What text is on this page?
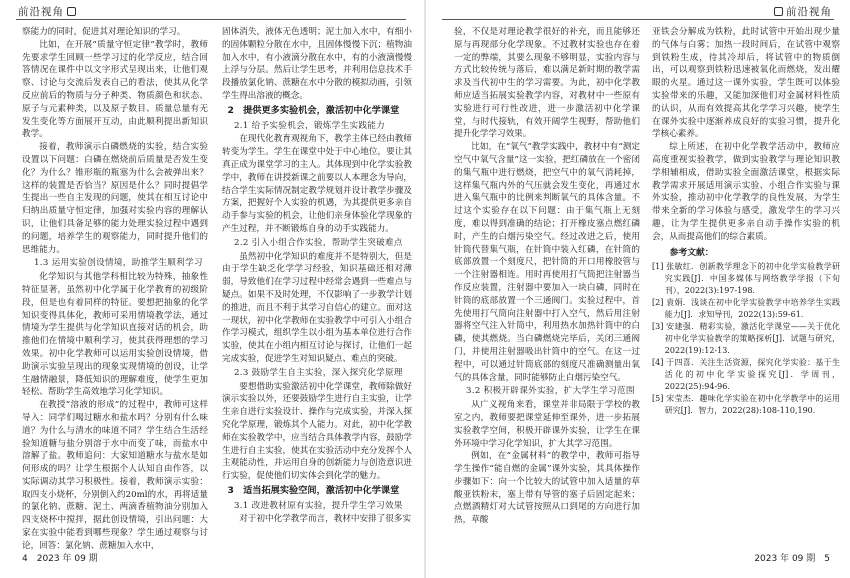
前沿视角

察能力的同时，促进其对理论知识的学习。

比如，在开展“质量守恒定律”教学时，教师先要求学生回顾一些学习过的化学反应，结合回答情况在课件中以文字形式呈现出来，让他们观察、讨论与交流后发表自己的看法，使其从化学反应前后的物质与分子种类、物质颜色和状态、原子与元素种类，以及原子数目、质量总量有无发生变化等方面展开互动，由此顺利提出新知识教学。

接着，教师演示白磷燃烧的实验，结合实验设置以下问题：白磷在燃烧前后质量是否发生变化？为什么？锥形瓶的瓶塞为什么会被弹出来？这样的装置是否恰当？原因是什么？同时提倡学生提出一些自主发现的问题，使其在相互讨论中归纳出质量守恒定律，加强对实验内容的理解认识，让他们具备足够的能力处理实验过程中遇到的问题，培养学生的观察能力，同时提升他们的思维能力。

1.3 运用实验创设情境，助推学生顺利学习

化学知识与其他学科相比较为特殊，抽象性特征显著，虽然初中化学属于化学教育的初级阶段，但是也有着同样的特征。要想把抽象的化学知识变得具体化，教师可采用情境教学法，通过情境为学生提供与化学知识直接对话的机会，助推他们在情境中顺利学习，使其获得理想的学习效果。初中化学教师可以运用实验创设情境，借助演示实验呈现出的现象实现情境的创设，让学生融情融景，降低知识的理解难度，使学生更加轻松、帮助学生高效地学习化学知识。

在教授“溶液的形成”的过程中，教师可这样导入：同学们喝过糖水和盐水吗？分别有什么味道？为什么与清水的味道不同？学生结合生活经验知道糖与盐分别溶于水中而变了味，而盐水中溶解了盐。教师追问：大家知道糖水与盐水是如何形成的吗？让学生根据个人认知自由作答，以实际调动其学习积极性。接着，教师演示实验：取四支小烧杯，分别倒入约20ml的水，再将适量的氯化钠、蔗糖、泥土、两滴香植物油分别加入四支烧杯中搅拌，据此创设情境，引出问题：大家在实验中能看到哪些现象？学生通过观察与讨论，回答：氯化钠、蔗糖加入水中，

固体消失，液体无色透明；泥土加入水中，有细小的固体颗粒分散在水中，且固体慢慢下沉；植物油加入水中，有小液滴分散在水中，有的小液滴慢慢上浮与分层。然后让学生思考，并利用信息技术手段播放氯化钠、蔗糖在水中分散的模拟动画，引领学生得出溶液的概念。

2　提供更多实验机会，激活初中化学课堂

2.1 给予实验机会，锻炼学生实践能力

在现代化教育观视角下，教学主体已经由教师转变为学生。学生在课堂中处于中心地位，要让其真正成为课堂学习的主人。其体现到中化学实验教学中，教师在讲授新课之前要以人本理念为导向，结合学生实际情况制定教学规划并设计教学步骤及方案，把握好个人实验的机遇，为其提供更多亲自动手参与实验的机会，让他们亲身体验化学现象的产生过程，并不断锻炼自身的动手实践能力。

2.2 引入小组合作实验，帮助学生突破难点

虽然初中化学知识的难度并不是特别大，但是由于学生缺乏化学学习经验，知识基础还相对薄弱，导致他们在学习过程中经常会遇到一些难点与疑点。如果不及时处理，不仅影响了一步教学计划的推进，而且不利于其学习自信心的建立。面对这一现状，初中化学教师在实验教学中可引入小组合作学习模式，组织学生以小组为基本单位进行合作实验，使其在小组内相互讨论与探讨，让他们一起完成实验，促进学生对知识疑点、难点的突破。

2.3 鼓励学生自主实验，深入探究化学原理

要想借助实验激活初中化学课堂，教师除做好演示实验以外，还要鼓励学生进行自主实验，让学生亲自进行实验设计、操作与完成实验，并深入探究化学原理，锻炼其个人能力。对此，初中化学教师在实验教学中，应当结合具体教学内容，鼓励学生进行自主实验，使其在实验活动中充分发挥个人主观能动性，并运用自身的创新能力与创造意识进行实验，促使他们切实体会到化学的魅力。

3　适当拓展实验空间，激活初中化学课堂

3.1 改进教材原有实验，提升学生学习效果

对于初中化学教学而言，教材中安排了很多实

4　2023 年 09 期
前沿视角

验，不仅是对理论教学很好的补充，而且能够还原与再现部分化学现象。不过教材实验也存在着一定的弊端，其要么现象不够明显，实验内容与方式比较传统与落后，难以满足新时期的教学需求及当代初中生的学习需要。为此，初中化学教师应适当拓展实验教学内容，对教材中一些原有实验进行可行性改进，进一步激活初中化学课堂，与时代接轨，有效开阔学生视野，帮助他们提升化学学习效果。

比如，在“氧气”教学实践中，教材中有“测定空气中氧气含量”这一实验，把红磷放在一个密闭的集气瓶中进行燃烧，把空气中的氧气消耗掉，这样集气瓶内外的气压就会发生变化，再通过水进入集气瓶中的比例来判断氧气的具体含量。不过这个实验存在以下问题：由于集气瓶上无刻度，难以得到准确的结论；打开橡皮塞点燃红磷时，产生的白烟污染空气。经过改进之后，使用针筒代替集气瓶，在针筒中装入红磷，在针筒的底部放置一个刻度尺，把针筒的开口用橡胶管与一个注射器相连。用时再使用打气筒把注射器当作反应装置，注射器中要加入一块白磷，同时在针筒的底部放置一个三通阀门。实验过程中，首先使用打气筒向注射器中打入空气，然后用注射器将空气注入针筒中，利用热水加热针筒中的白磷，使其燃烧。当白磷燃烧完毕后，关闭三通阀门，并使用注射器吸出针筒中的空气。在这一过程中，可以通过针筒底部的刻度尺准确测量出氧气的具体含量，同时能够防止白烟污染空气。

3.2 积极开辟课外实验，扩大学生学习范围

从广义视角来看，课堂并非局限于学校的教室之内，教师要把课堂延伸至课外，进一步拓展实验教学空间，积极开辟课外实验，让学生在课外环境中学习化学知识，扩大其学习范围。

例如，在“金属材料”的教学中，教师可指导学生操作“能自燃的金属”课外实验，其具体操作步骤如下：向一个比较大的试管中加入适量的草酸亚铁粉末，塞上带有导管的塞子后固定起来；点燃酒精灯对大试管按照从口到尾的方向进行加热，草酸

亚铁会分解成为铁粉，此时试管中开始出现少量的气体与白雾；加热一段时间后，在试管中观察到铁粉生成，待其冷却后，将试管中的物质倒出，可以观察到铁粉迅速被氧化而燃烧，发出耀眼的火星。通过这一课外实验，学生既可以体验实验带来的乐趣，又能加深他们对金属材料性质的认识，从而有效提高其化学学习兴趣，使学生在课外实验中逐渐养成良好的实验习惯，提升化学核心素养。

综上所述，在初中化学教学活动中，教师应高度重视实验教学，做到实验教学与理论知识教学相辅相成，借助实验全面激活课堂，根据实际教学需求开展适用演示实验、小组合作实验与课外实验，推动初中化学教学的良性发展，为学生带来全新的学习体验与感受，激发学生的学习兴趣，让为学生提供更多亲自动手操作实验的机会，从而提高他们的综合素质。

参考文献：

[1] 张敏红．创新教学理念下的初中化学实验教学研究实践[J]．中国多媒体与网络教学学报（下旬刊），2022(3):197-198.

[2] 袁娟．浅谈在初中化学实验教学中培养学生实践能力[J]．求知导刊，2022(13):59-61.

[3] 安建强．精彩实验，激活化学课堂——关于优化初中化学实验教学的策略探析[J]．试题与研究，2022(19):12-13.

[4] 于四喜．关注生活资源，探究化学实验：基于生活化的初中化学实验探究[J]．学周刊，2022(25):94-96.

[5] 宋莹杰．趣味化学实验在初中化学教学中的运用研究[J]．智力，2022(28):108-110,190.

2023 年 09 期　5
